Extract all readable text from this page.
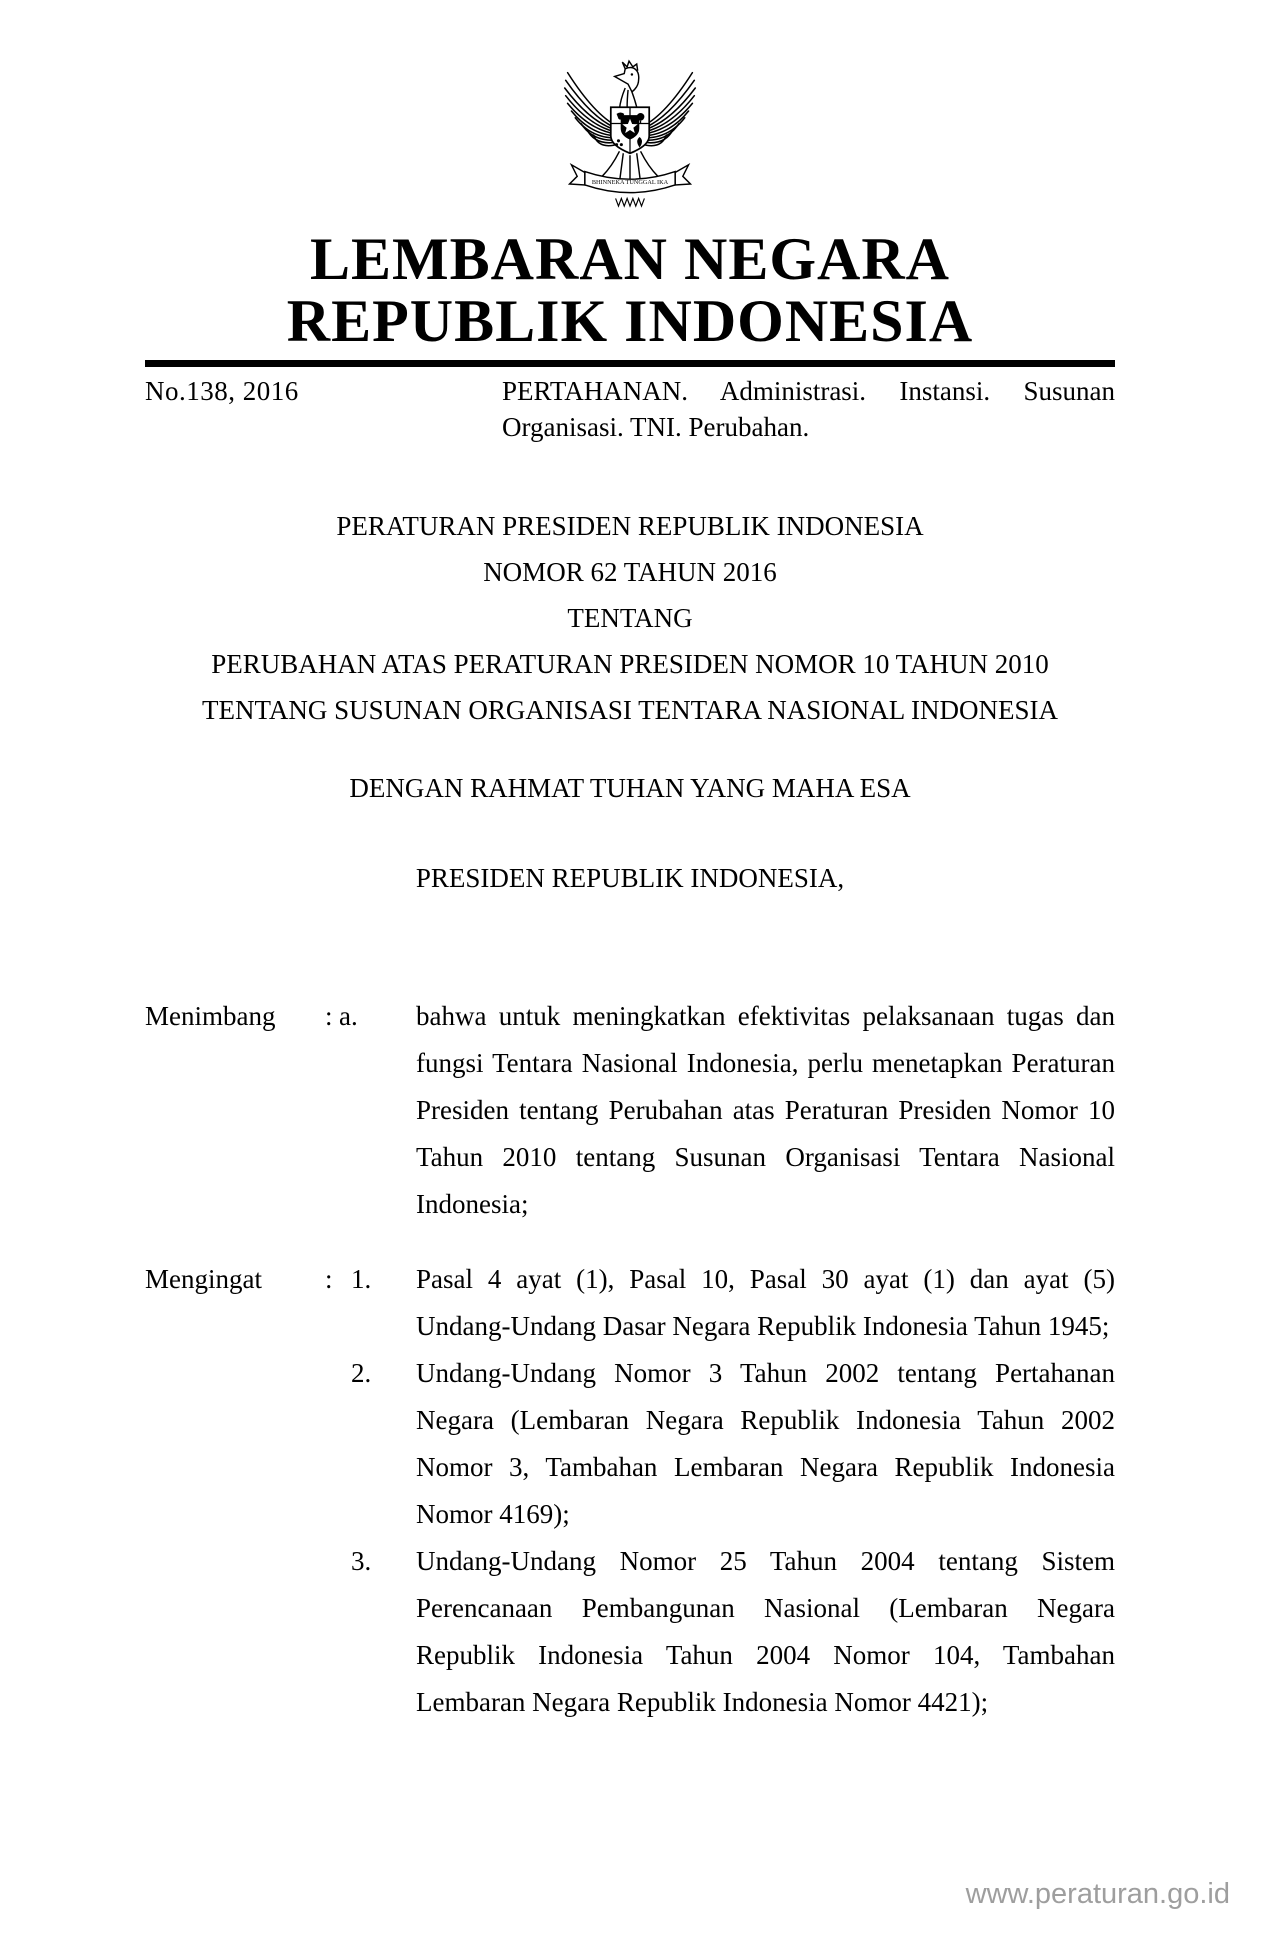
BHINNEKA TUNGGAL IKA
LEMBARAN NEGARA
REPUBLIK INDONESIA
No.138, 2016	PERTAHANAN. Administrasi. Instansi. Susunan Organisasi. TNI. Perubahan.
PERATURAN PRESIDEN REPUBLIK INDONESIA
NOMOR 62 TAHUN 2016
TENTANG
PERUBAHAN ATAS PERATURAN PRESIDEN NOMOR 10 TAHUN 2010
TENTANG SUSUNAN ORGANISASI TENTARA NASIONAL INDONESIA
DENGAN RAHMAT TUHAN YANG MAHA ESA
PRESIDEN REPUBLIK INDONESIA,
Menimbang	: a.	bahwa untuk meningkatkan efektivitas pelaksanaan tugas dan fungsi Tentara Nasional Indonesia, perlu menetapkan Peraturan Presiden tentang Perubahan atas Peraturan Presiden Nomor 10 Tahun 2010 tentang Susunan Organisasi Tentara Nasional Indonesia;
Mengingat	: 1.	Pasal 4 ayat (1), Pasal 10, Pasal 30 ayat (1) dan ayat (5) Undang-Undang Dasar Negara Republik Indonesia Tahun 1945;
2.	Undang-Undang Nomor 3 Tahun 2002 tentang Pertahanan Negara (Lembaran Negara Republik Indonesia Tahun 2002 Nomor 3, Tambahan Lembaran Negara Republik Indonesia Nomor 4169);
3.	Undang-Undang Nomor 25 Tahun 2004 tentang Sistem Perencanaan Pembangunan Nasional (Lembaran Negara Republik Indonesia Tahun 2004 Nomor 104, Tambahan Lembaran Negara Republik Indonesia Nomor 4421);
www.peraturan.go.id
